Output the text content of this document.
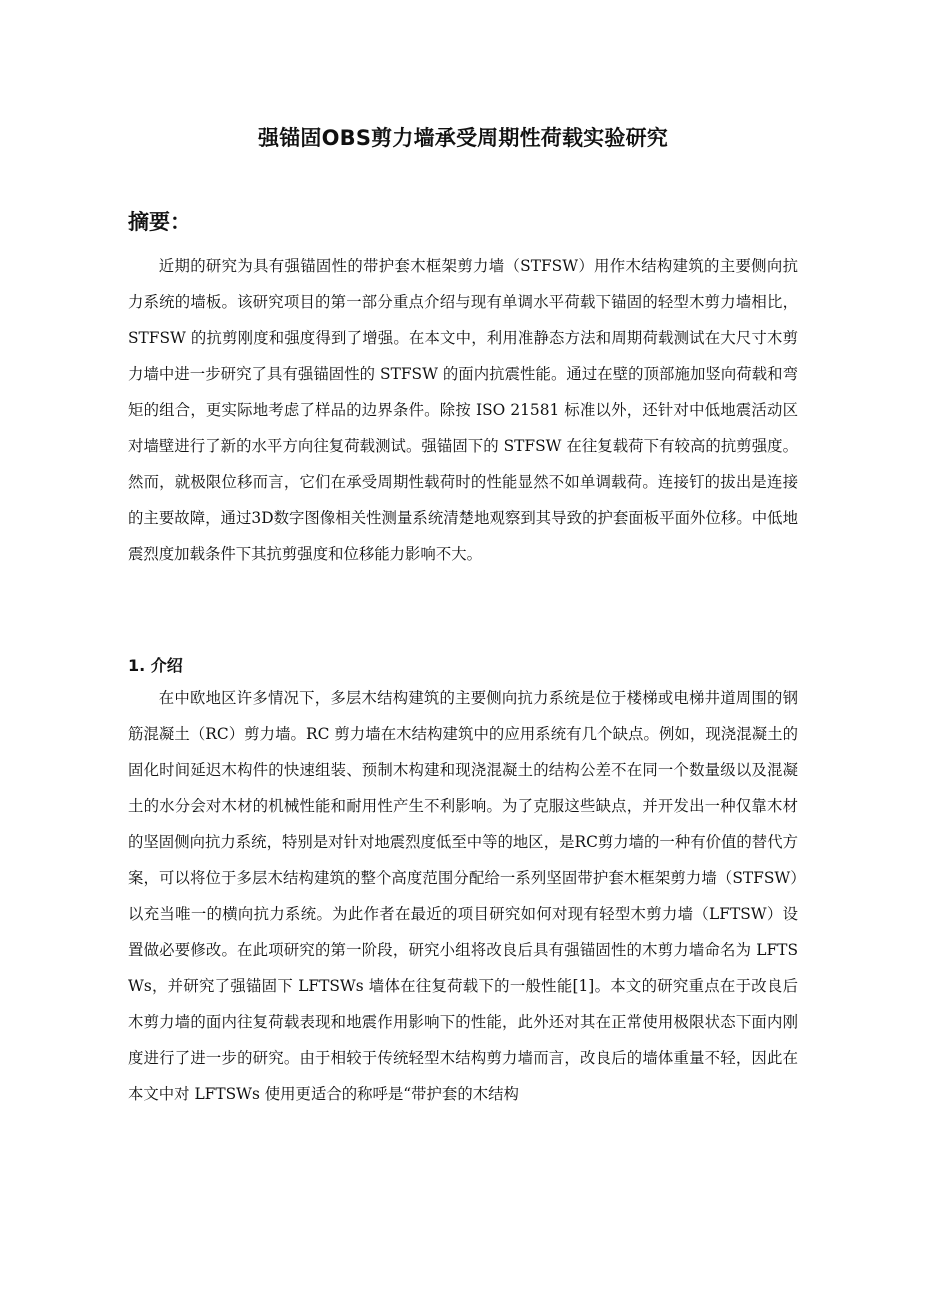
强锚固OBS剪力墙承受周期性荷载实验研究
摘要：

近期的研究为具有强锚固性的带护套木框架剪力墙（STFSW）用作木结构建筑的主要侧向抗力系统的墙板。该研究项目的第一部分重点介绍与现有单调水平荷载下锚固的轻型木剪力墙相比，STFSW 的抗剪刚度和强度得到了增强。在本文中，利用准静态方法和周期荷载测试在大尺寸木剪力墙中进一步研究了具有强锚固性的 STFSW 的面内抗震性能。通过在壁的顶部施加竖向荷载和弯矩的组合，更实际地考虑了样品的边界条件。除按 ISO 21581 标准以外，还针对中低地震活动区对墙壁进行了新的水平方向往复荷载测试。强锚固下的 STFSW 在往复载荷下有较高的抗剪强度。然而，就极限位移而言，它们在承受周期性载荷时的性能显然不如单调载荷。连接钉的拔出是连接的主要故障，通过3D数字图像相关性测量系统清楚地观察到其导致的护套面板平面外位移。中低地震烈度加载条件下其抗剪强度和位移能力影响不大。

1. 介绍

在中欧地区许多情况下，多层木结构建筑的主要侧向抗力系统是位于楼梯或电梯井道周围的钢筋混凝土（RC）剪力墙。RC 剪力墙在木结构建筑中的应用系统有几个缺点。例如，现浇混凝土的固化时间延迟木构件的快速组装、预制木构建和现浇混凝土的结构公差不在同一个数量级以及混凝土的水分会对木材的机械性能和耐用性产生不利影响。为了克服这些缺点，并开发出一种仅靠木材的坚固侧向抗力系统，特别是对针对地震烈度低至中等的地区，是RC剪力墙的一种有价值的替代方案，可以将位于多层木结构建筑的整个高度范围分配给一系列坚固带护套木框架剪力墙（STFSW）以充当唯一的横向抗力系统。为此作者在最近的项目研究如何对现有轻型木剪力墙（LFTSW）设置做必要修改。在此项研究的第一阶段，研究小组将改良后具有强锚固性的木剪力墙命名为 LFTSWs，并研究了强锚固下 LFTSWs 墙体在往复荷载下的一般性能[1]。本文的研究重点在于改良后木剪力墙的面内往复荷载表现和地震作用影响下的性能，此外还对其在正常使用极限状态下面内刚度进行了进一步的研究。由于相较于传统轻型木结构剪力墙而言，改良后的墙体重量不轻，因此在本文中对 LFTSWs 使用更适合的称呼是“带护套的木结构
